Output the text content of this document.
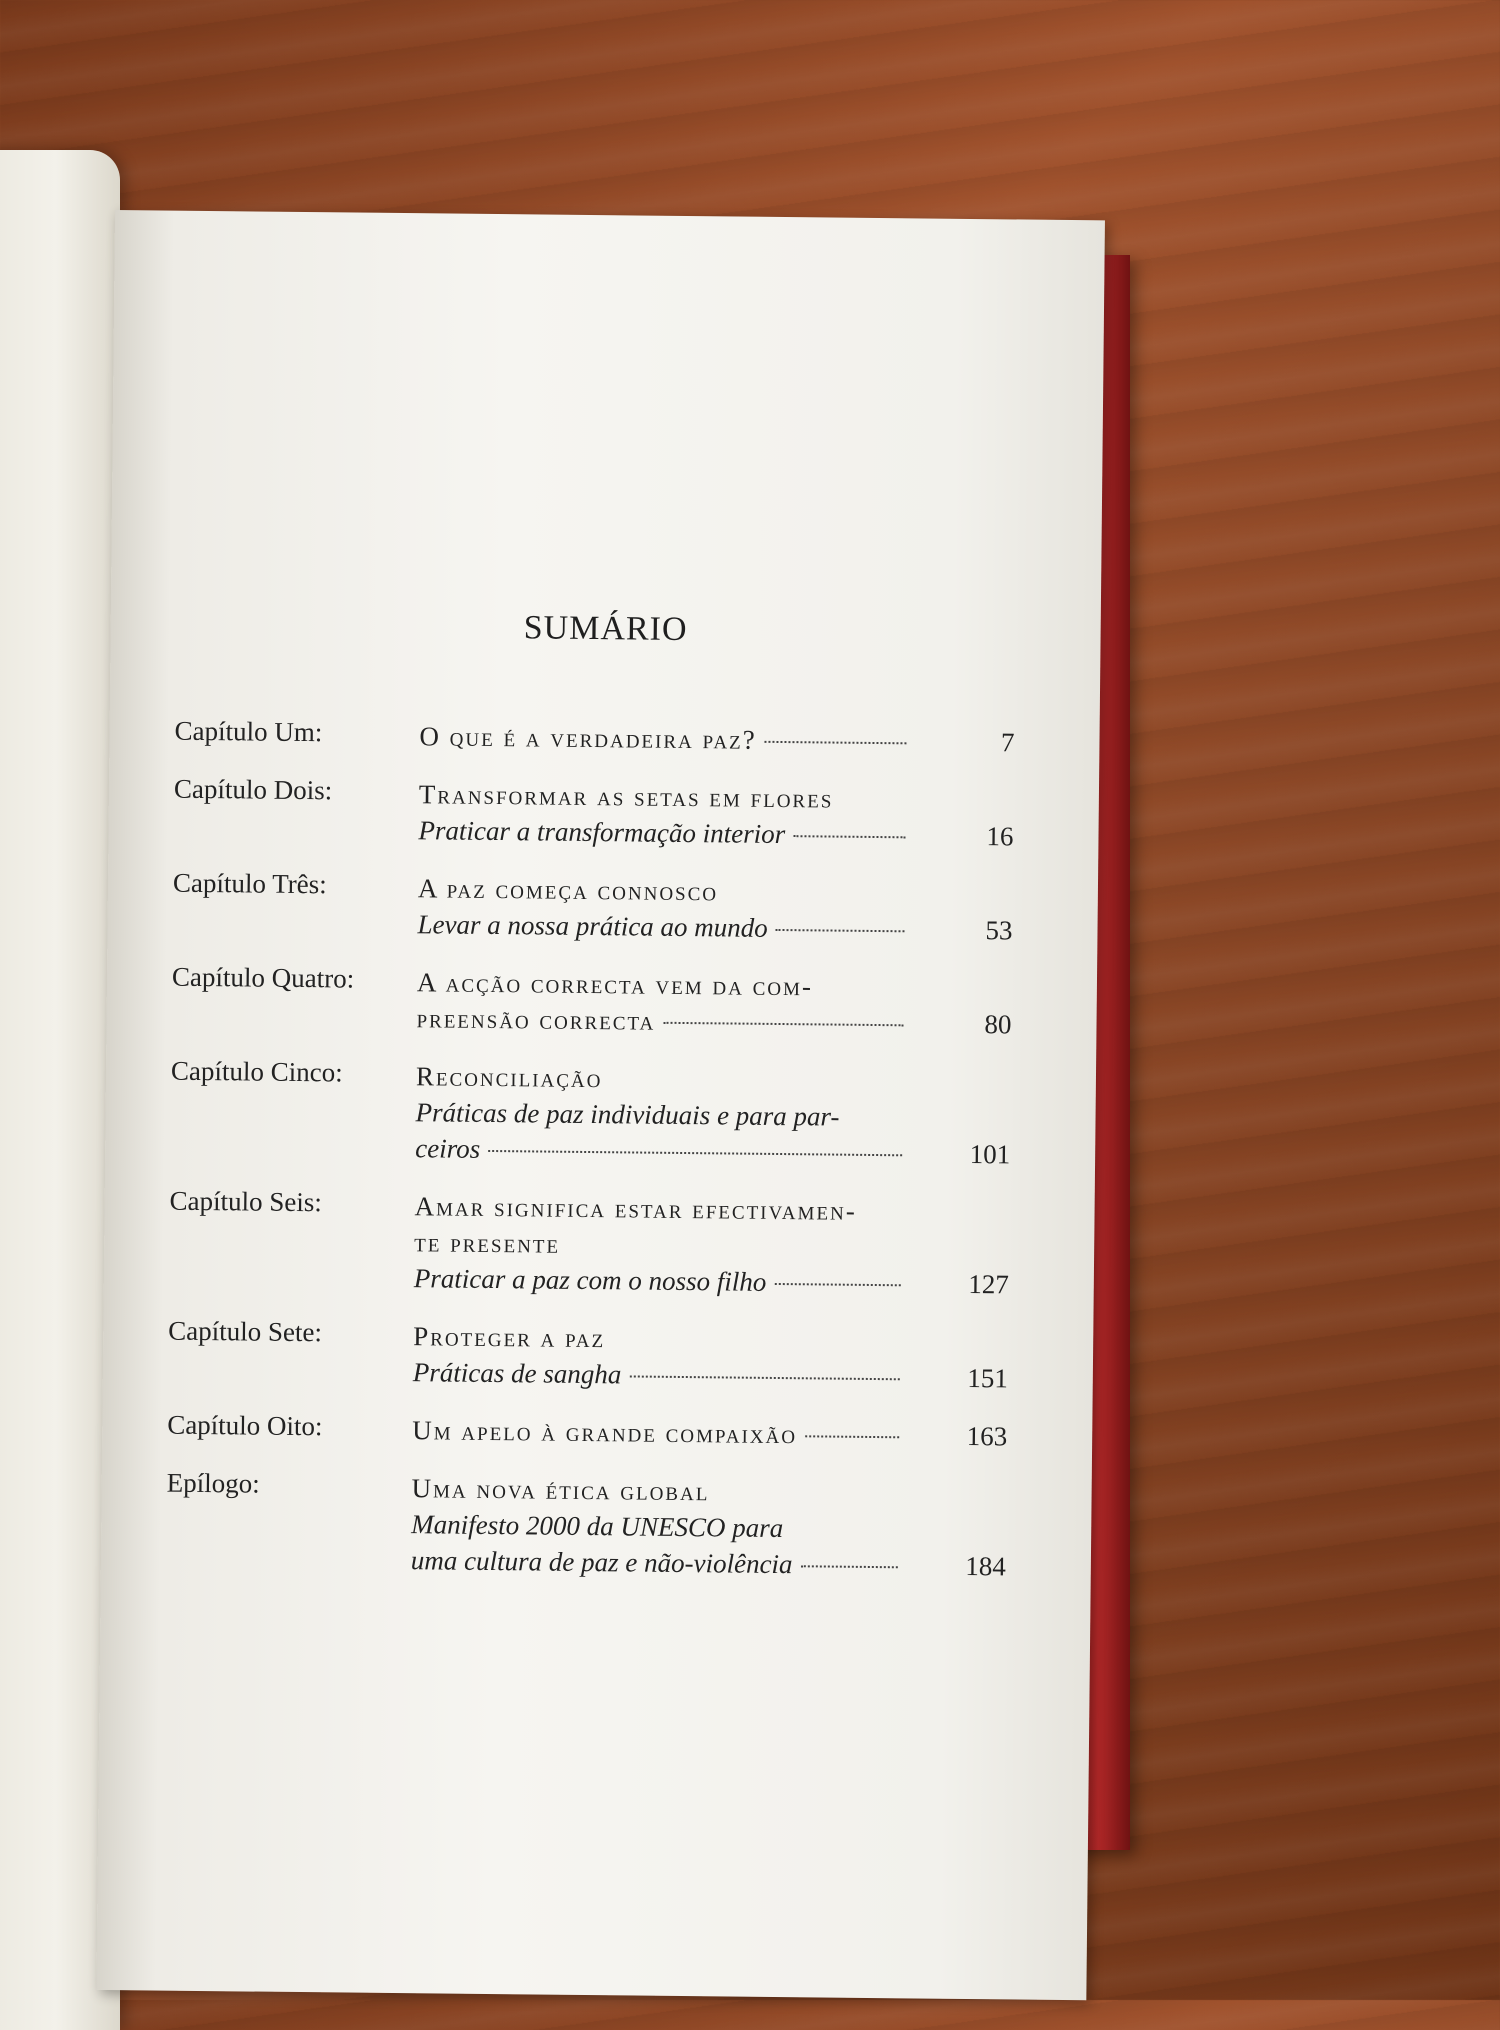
SUMÁRIO
Capítulo Um:	O que é a verdadeira paz?	7
Capítulo Dois:	Transformar as setas em flores
Praticar a transformação interior	16
Capítulo Três:	A paz começa connosco
Levar a nossa prática ao mundo	53
Capítulo Quatro:	A acção correcta vem da com-
preensão correcta	80
Capítulo Cinco:	Reconciliação
Práticas de paz individuais e para par-
ceiros	101
Capítulo Seis:	Amar significa estar efectivamen-
te presente
Praticar a paz com o nosso filho	127
Capítulo Sete:	Proteger a paz
Práticas de sangha	151
Capítulo Oito:	Um apelo à grande compaixão	163
Epílogo:	Uma nova ética global
Manifesto 2000 da UNESCO para
uma cultura de paz e não-violência	184
